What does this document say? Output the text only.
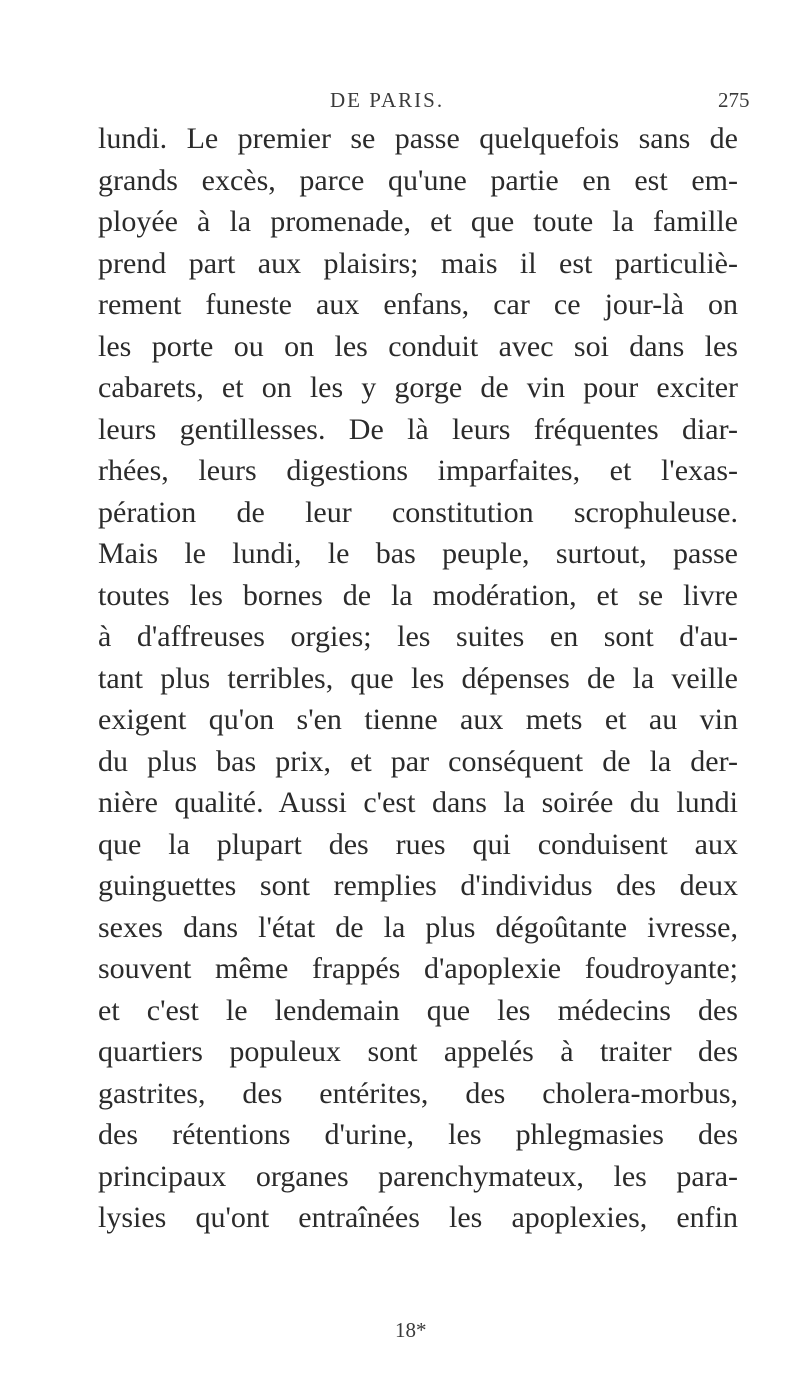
DE PARIS.	275
lundi. Le premier se passe quelquefois sans de
grands excès, parce qu'une partie en est em-
ployée à la promenade, et que toute la famille
prend part aux plaisirs; mais il est particuliè-
rement funeste aux enfans, car ce jour-là on
les porte ou on les conduit avec soi dans les
cabarets, et on les y gorge de vin pour exciter
leurs gentillesses. De là leurs fréquentes diar-
rhées, leurs digestions imparfaites, et l'exas-
pération de leur constitution scrophuleuse.
Mais le lundi, le bas peuple, surtout, passe
toutes les bornes de la modération, et se livre
à d'affreuses orgies; les suites en sont d'au-
tant plus terribles, que les dépenses de la veille
exigent qu'on s'en tienne aux mets et au vin
du plus bas prix, et par conséquent de la der-
nière qualité. Aussi c'est dans la soirée du lundi
que la plupart des rues qui conduisent aux
guinguettes sont remplies d'individus des deux
sexes dans l'état de la plus dégoûtante ivresse,
souvent même frappés d'apoplexie foudroyante;
et c'est le lendemain que les médecins des
quartiers populeux sont appelés à traiter des
gastrites, des entérites, des cholera-morbus,
des rétentions d'urine, les phlegmasies des
principaux organes parenchymateux, les para-
lysies qu'ont entraînées les apoplexies, enfin
18*
